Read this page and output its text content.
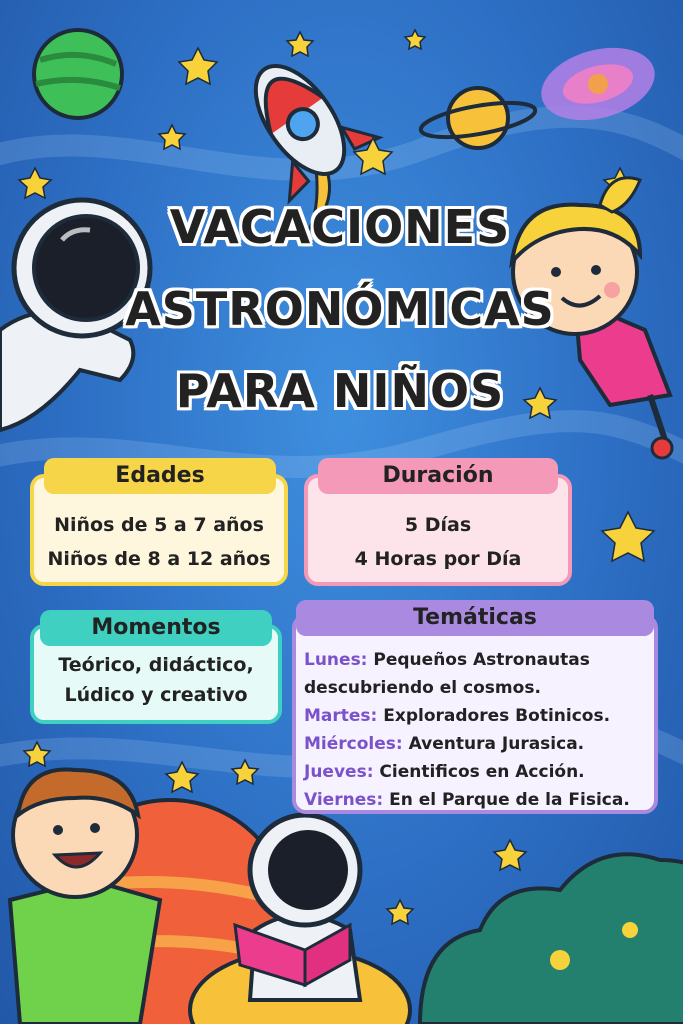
VACACIONES
ASTRONÓMICAS
PARA NIÑOS
Niños de 5 a 7 años
Niños de 8 a 12 años
Edades
5 Días
4 Horas por Día
Duración
Teórico, didáctico,
Lúdico y creativo
Momentos
Lunes: Pequeños Astronautas
descubriendo el cosmos.
Martes: Exploradores Botinicos.
Miércoles: Aventura Jurasica.
Jueves: Cientificos en Acción.
Viernes: En el Parque de la Fisica.
Temáticas
